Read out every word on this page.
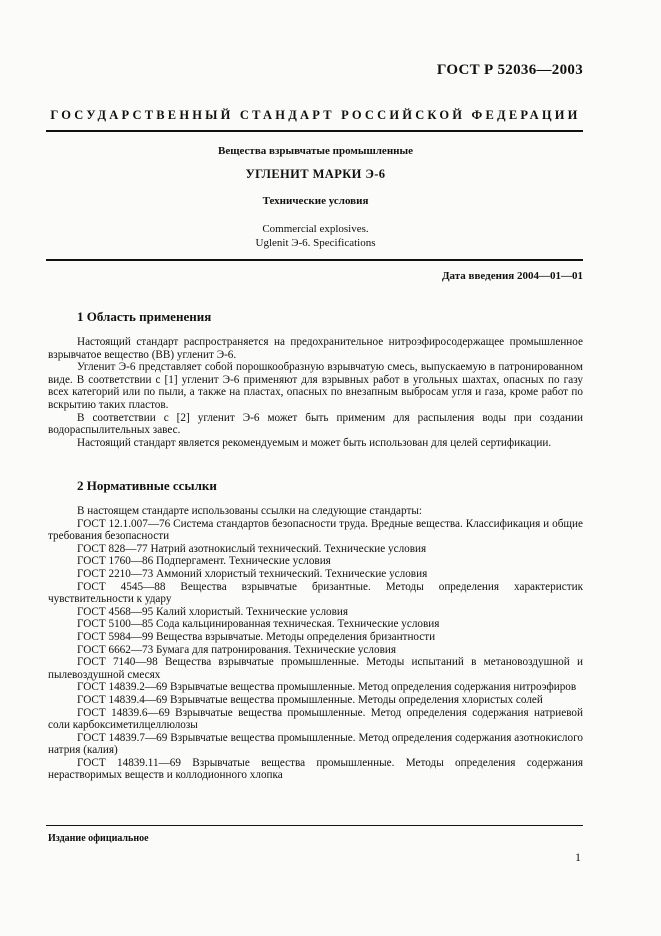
ГОСТ Р 52036—2003
ГОСУДАРСТВЕННЫЙ СТАНДАРТ РОССИЙСКОЙ ФЕДЕРАЦИИ
Вещества взрывчатые промышленные
УГЛЕНИТ МАРКИ Э-6
Технические условия
Commercial explosives.
Uglenit Э-6. Specifications
Дата введения 2004—01—01
1 Область применения

Настоящий стандарт распространяется на предохранительное нитроэфиросодержащее промышленное взрывчатое вещество (ВВ) угленит Э-6.

Угленит Э-6 представляет собой порошкообразную взрывчатую смесь, выпускаемую в патронированном виде. В соответствии с [1] угленит Э-6 применяют для взрывных работ в угольных шахтах, опасных по газу всех категорий или по пыли, а также на пластах, опасных по внезапным выбросам угля и газа, кроме работ по вскрытию таких пластов.

В соответствии с [2] угленит Э-6 может быть применим для распыления воды при создании водораспылительных завес.

Настоящий стандарт является рекомендуемым и может быть использован для целей сертификации.

2 Нормативные ссылки

В настоящем стандарте использованы ссылки на следующие стандарты:

ГОСТ 12.1.007—76 Система стандартов безопасности труда. Вредные вещества. Классификация и общие требования безопасности

ГОСТ 828—77 Натрий азотнокислый технический. Технические условия

ГОСТ 1760—86 Подпергамент. Технические условия

ГОСТ 2210—73 Аммоний хлористый технический. Технические условия

ГОСТ 4545—88 Вещества взрывчатые бризантные. Методы определения характеристик чувствительности к удару

ГОСТ 4568—95 Калий хлористый. Технические условия

ГОСТ 5100—85 Сода кальцинированная техническая. Технические условия

ГОСТ 5984—99 Вещества взрывчатые. Методы определения бризантности

ГОСТ 6662—73 Бумага для патронирования. Технические условия

ГОСТ 7140—98 Вещества взрывчатые промышленные. Методы испытаний в метановоздушной и пылевоздушной смесях

ГОСТ 14839.2—69 Взрывчатые вещества промышленные. Метод определения содержания нитроэфиров

ГОСТ 14839.4—69 Взрывчатые вещества промышленные. Методы определения хлористых солей

ГОСТ 14839.6—69 Взрывчатые вещества промышленные. Метод определения содержания натриевой соли карбоксиметилцеллюлозы

ГОСТ 14839.7—69 Взрывчатые вещества промышленные. Метод определения содержания азотнокислого натрия (калия)

ГОСТ 14839.11—69 Взрывчатые вещества промышленные. Методы определения содержания нерастворимых веществ и коллодионного хлопка

Издание официальное
1
